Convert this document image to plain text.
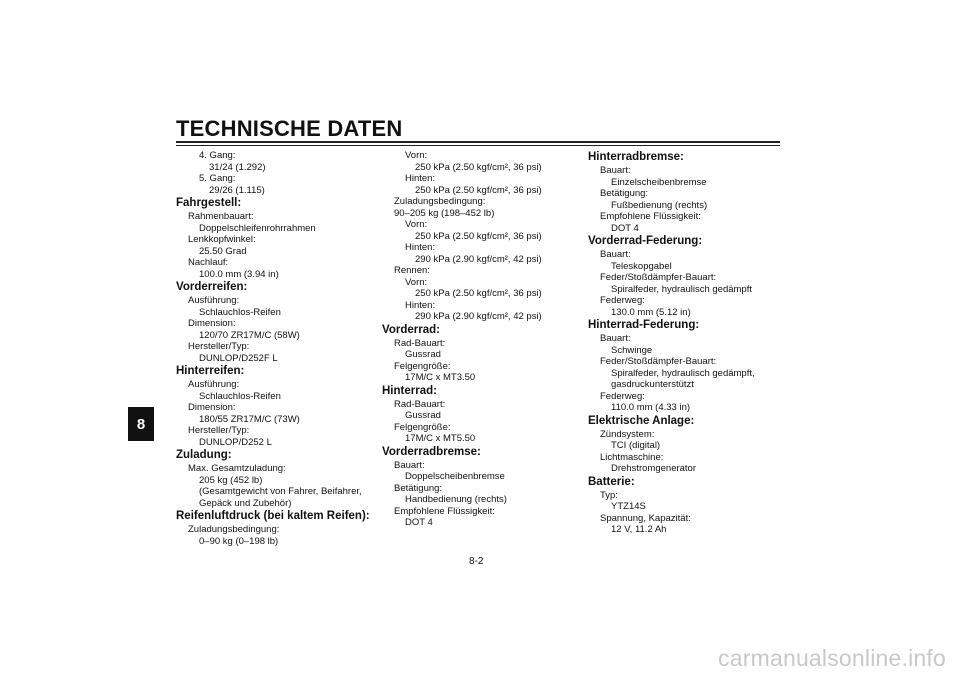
TECHNISCHE DATEN
8
4. Gang:
31/24 (1.292)
5. Gang:
29/26 (1.115)
Fahrgestell:
Rahmenbauart:
Doppelschleifenrohrrahmen
Lenkkopfwinkel:
25.50 Grad
Nachlauf:
100.0 mm (3.94 in)
Vorderreifen:
Ausführung:
Schlauchlos-Reifen
Dimension:
120/70 ZR17M/C (58W)
Hersteller/Typ:
DUNLOP/D252F L
Hinterreifen:
Ausführung:
Schlauchlos-Reifen
Dimension:
180/55 ZR17M/C (73W)
Hersteller/Typ:
DUNLOP/D252 L
Zuladung:
Max. Gesamtzuladung:
205 kg (452 lb)
(Gesamtgewicht von Fahrer, Beifahrer,
Gepäck und Zubehör)
Reifenluftdruck (bei kaltem Reifen):
Zuladungsbedingung:
0–90 kg (0–198 lb)
Vorn:
250 kPa (2.50 kgf/cm², 36 psi)
Hinten:
250 kPa (2.50 kgf/cm², 36 psi)
Zuladungsbedingung:
90–205 kg (198–452 lb)
Vorn:
250 kPa (2.50 kgf/cm², 36 psi)
Hinten:
290 kPa (2.90 kgf/cm², 42 psi)
Rennen:
Vorn:
250 kPa (2.50 kgf/cm², 36 psi)
Hinten:
290 kPa (2.90 kgf/cm², 42 psi)
Vorderrad:
Rad-Bauart:
Gussrad
Felgengröße:
17M/C x MT3.50
Hinterrad:
Rad-Bauart:
Gussrad
Felgengröße:
17M/C x MT5.50
Vorderradbremse:
Bauart:
Doppelscheibenbremse
Betätigung:
Handbedienung (rechts)
Empfohlene Flüssigkeit:
DOT 4
Hinterradbremse:
Bauart:
Einzelscheibenbremse
Betätigung:
Fußbedienung (rechts)
Empfohlene Flüssigkeit:
DOT 4
Vorderrad-Federung:
Bauart:
Teleskopgabel
Feder/Stoßdämpfer-Bauart:
Spiralfeder, hydraulisch gedämpft
Federweg:
130.0 mm (5.12 in)
Hinterrad-Federung:
Bauart:
Schwinge
Feder/Stoßdämpfer-Bauart:
Spiralfeder, hydraulisch gedämpft,
gasdruckunterstützt
Federweg:
110.0 mm (4.33 in)
Elektrische Anlage:
Zündsystem:
TCI (digital)
Lichtmaschine:
Drehstromgenerator
Batterie:
Typ:
YTZ14S
Spannung, Kapazität:
12 V, 11.2 Ah
8-2
carmanualsonline.info
